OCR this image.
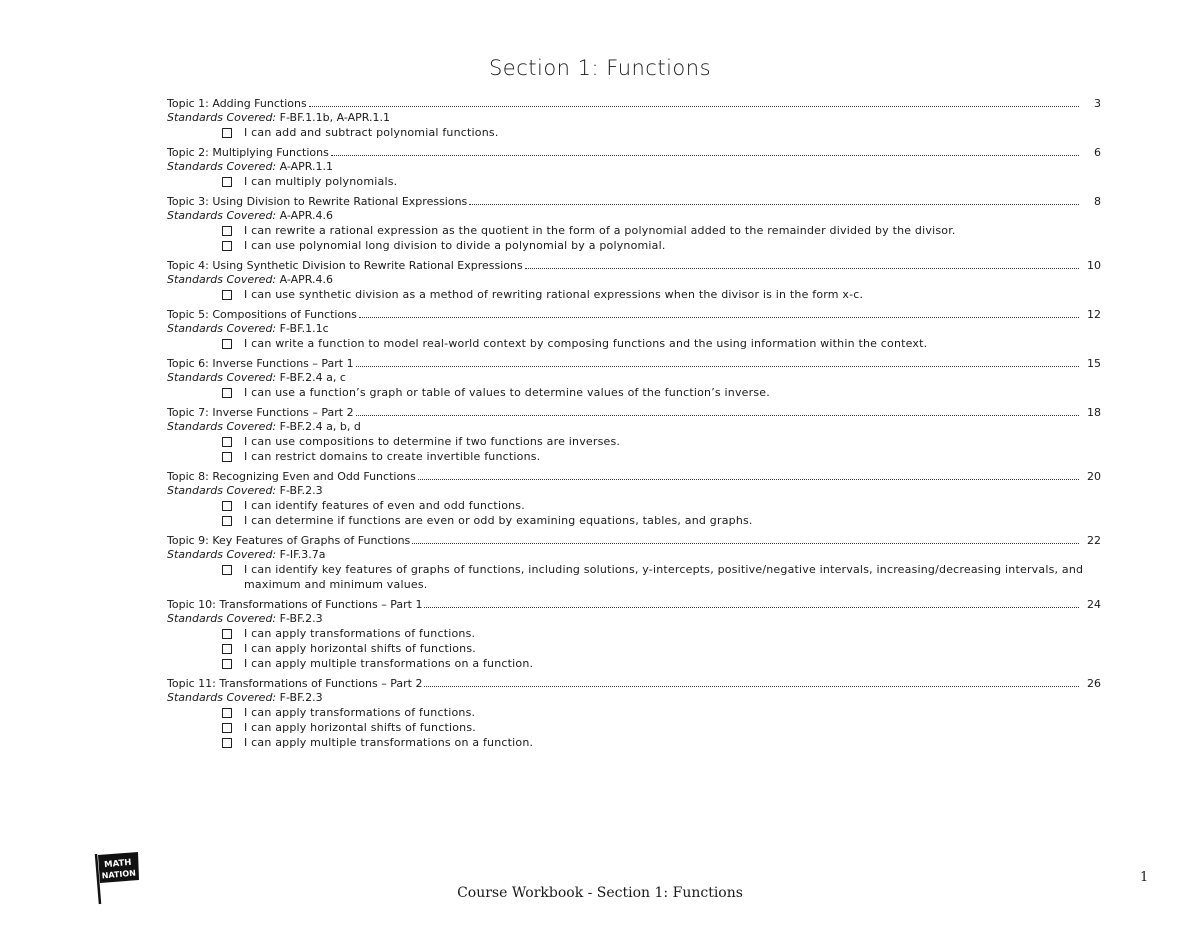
Section 1: Functions
Topic 1: Adding Functions	3
Standards Covered: F-BF.1.1b, A-APR.1.1
I can add and subtract polynomial functions.
Topic 2: Multiplying Functions	6
Standards Covered: A-APR.1.1
I can multiply polynomials.
Topic 3: Using Division to Rewrite Rational Expressions	8
Standards Covered: A-APR.4.6
I can rewrite a rational expression as the quotient in the form of a polynomial added to the remainder divided by the divisor.
I can use polynomial long division to divide a polynomial by a polynomial.
Topic 4: Using Synthetic Division to Rewrite Rational Expressions	10
Standards Covered: A-APR.4.6
I can use synthetic division as a method of rewriting rational expressions when the divisor is in the form x-c.
Topic 5: Compositions of Functions	12
Standards Covered: F-BF.1.1c
I can write a function to model real-world context by composing functions and the using information within the context.
Topic 6: Inverse Functions – Part 1	15
Standards Covered: F-BF.2.4 a, c
I can use a function’s graph or table of values to determine values of the function’s inverse.
Topic 7: Inverse Functions – Part 2	18
Standards Covered: F-BF.2.4 a, b, d
I can use compositions to determine if two functions are inverses.
I can restrict domains to create invertible functions.
Topic 8: Recognizing Even and Odd Functions	20
Standards Covered: F-BF.2.3
I can identify features of even and odd functions.
I can determine if functions are even or odd by examining equations, tables, and graphs.
Topic 9: Key Features of Graphs of Functions	22
Standards Covered: F-IF.3.7a
I can identify key features of graphs of functions, including solutions, y-intercepts, positive/negative intervals, increasing/decreasing intervals, and maximum and minimum values.
Topic 10: Transformations of Functions – Part 1	24
Standards Covered: F-BF.2.3
I can apply transformations of functions.
I can apply horizontal shifts of functions.
I can apply multiple transformations on a function.
Topic 11: Transformations of Functions – Part 2	26
Standards Covered: F-BF.2.3
I can apply transformations of functions.
I can apply horizontal shifts of functions.
I can apply multiple transformations on a function.
MATH
NATION
Course Workbook - Section 1: Functions
1
